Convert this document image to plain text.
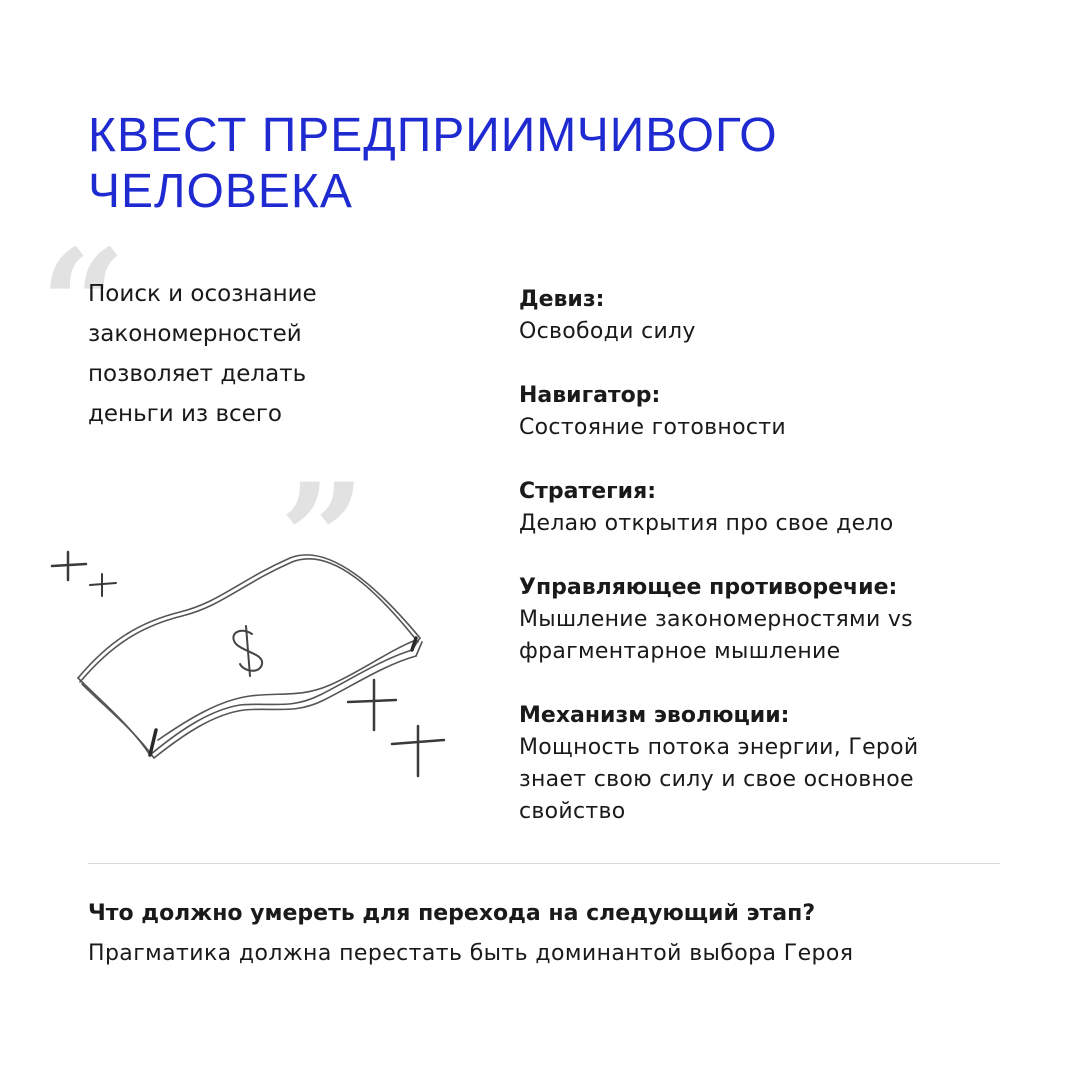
КВЕСТ ПРЕДПРИИМЧИВОГО
ЧЕЛОВЕКА
“
„
Поиск и осознание
закономерностей
позволяет делать
деньги из всего
Девиз:
Освободи силу
Навигатор:
Состояние готовности
Стратегия:
Делаю открытия про свое дело
Управляющее противоречие:
Мышление закономерностями vs
фрагментарное мышление
Механизм эволюции:
Мощность потока энергии, Герой
знает свою силу и свое основное
свойство
Что должно умереть для перехода на следующий этап?
Прагматика должна перестать быть доминантой выбора Героя
